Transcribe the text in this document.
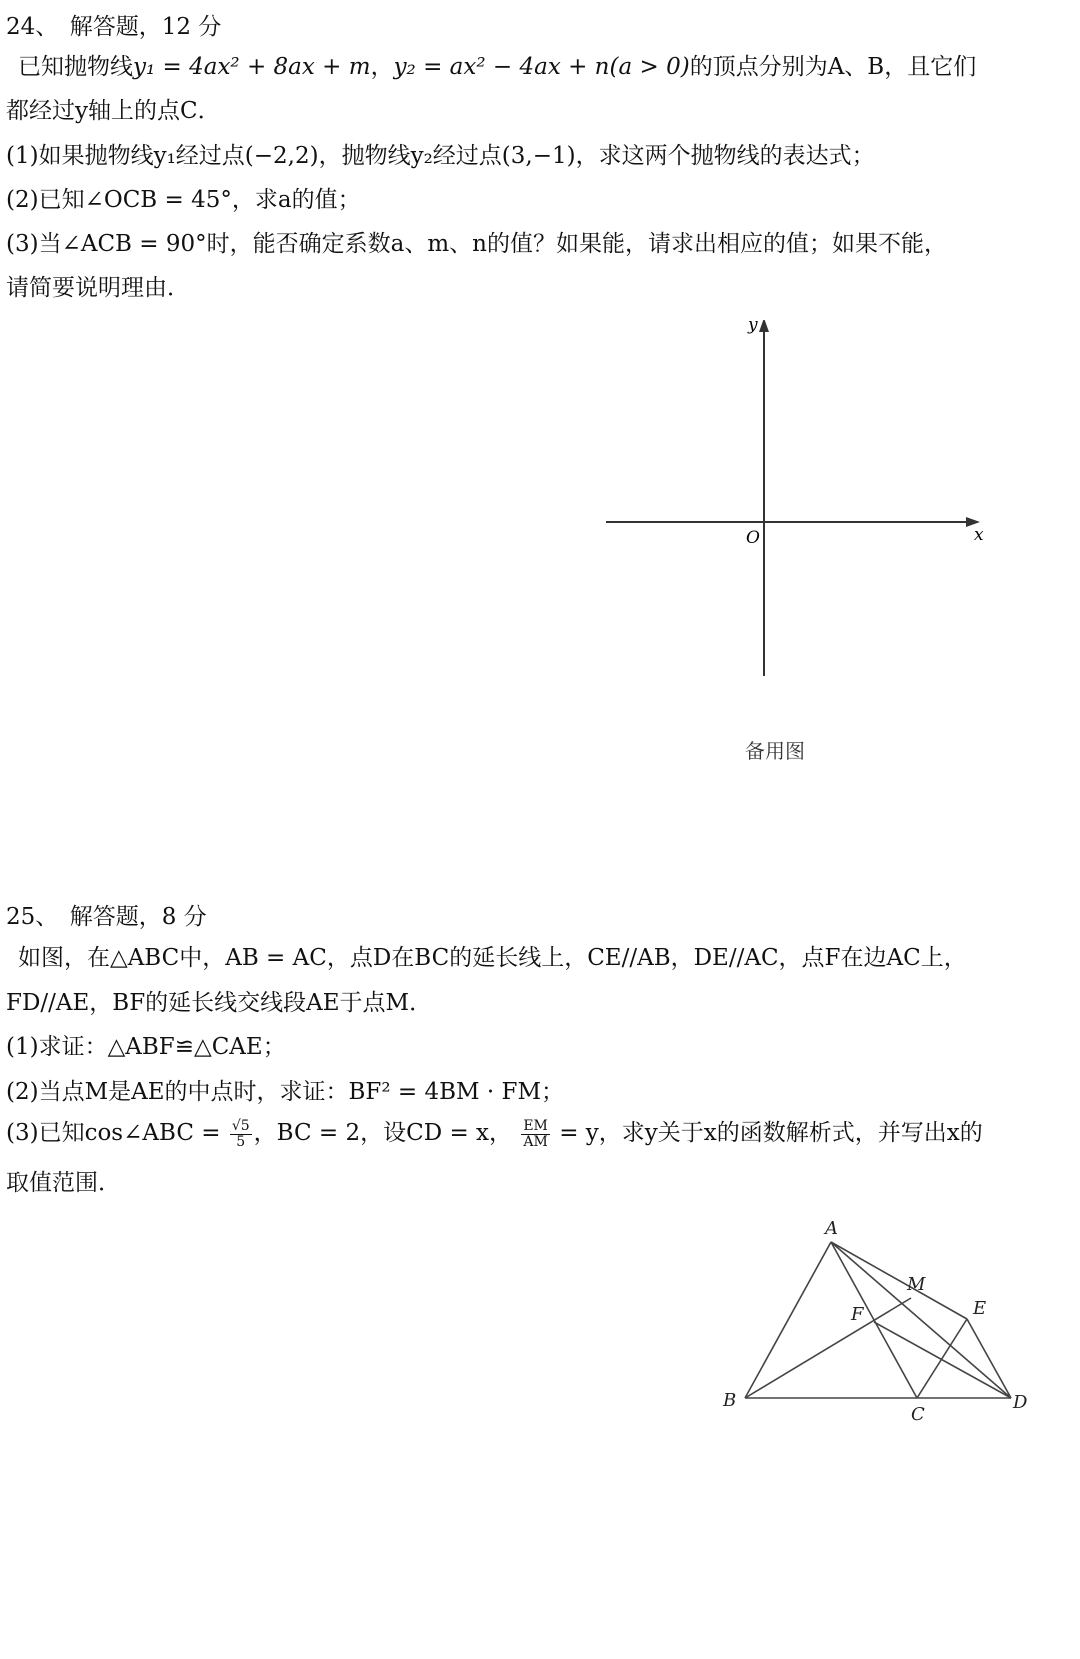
24、　解答题，12 分
已知抛物线y₁ = 4ax² + 8ax + m，y₂ = ax² − 4ax + n(a > 0)的顶点分别为A、B，且它们
都经过y轴上的点C．
(1)如果抛物线y₁经过点(−2,2)，抛物线y₂经过点(3,−1)，求这两个抛物线的表达式；
(2)已知∠OCB = 45°，求a的值；
(3)当∠ACB = 90°时，能否确定系数a、m、n的值？如果能，请求出相应的值；如果不能，
请简要说明理由．
y
x
O
备用图
25、　解答题，8 分
如图，在△ABC中，AB = AC，点D在BC的延长线上，CE//AB，DE//AC，点F在边AC上，
FD//AE，BF的延长线交线段AE于点M．
(1)求证：△ABF≌△CAE；
(2)当点M是AE的中点时，求证：BF² = 4BM · FM；
(3)已知cos∠ABC = $\frac{√5}{5}$ ，BC = 2，设CD = x， $\frac{EM}{AM} = y$，求y关于x的函数解析式，并写出x的
取值范围．
A
M
F	E
B
C
D
